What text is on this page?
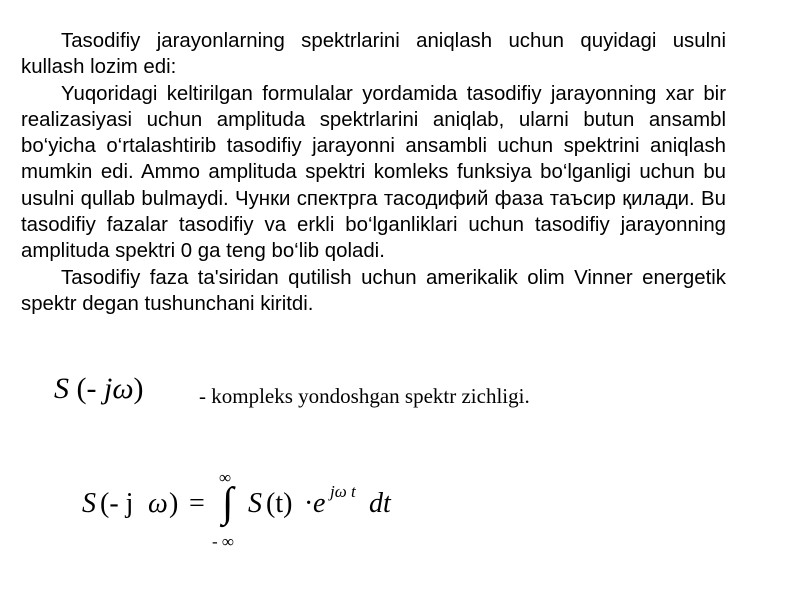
Tasodifiy jarayonlarning spektrlarini aniqlash uchun quyidagi usulni kullash lozim edi:

Yuqoridagi keltirilgan formulalar yordamida tasodifiy jarayonning xar bir realizasiyasi uchun amplituda spektrlarini aniqlab, ularni butun ansambl bo‘yicha o‘rtalashtirib tasodifiy jarayonni ansambli uchun spektrini aniqlash mumkin edi. Ammo amplituda spektri komleks funksiya bo‘lganligi uchun bu usulni qullab bulmaydi. Чунки спектрга тасодифий фаза таъсир қилади. Bu tasodifiy fazalar tasodifiy va erkli bo‘lganliklari uchun tasodifiy jarayonning amplituda spektri 0 ga teng bo‘lib qoladi.

Tasodifiy faza ta'siridan qutilish uchun amerikalik olim Vinner energetik spektr degan tushunchani kiritdi.

S (- jω)	- kompleks yondoshgan spektr zichligi.
S (- j ω ) =
∞
∫
- ∞
S (t) · e jω t dt
